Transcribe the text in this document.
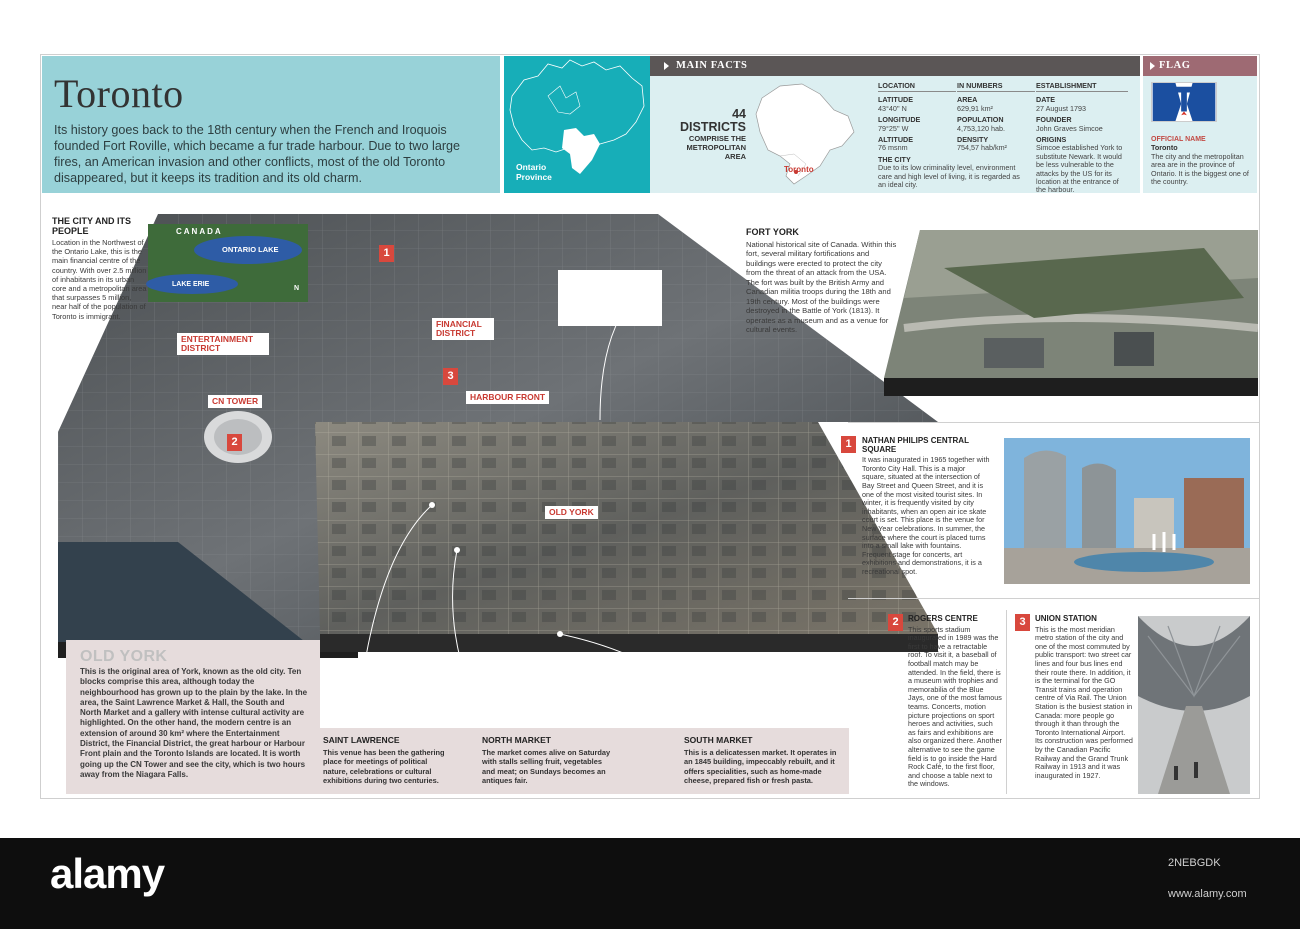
Toronto
Its history goes back to the 18th century when the French and Iroquois founded Fort Roville, which became a fur trade harbour. Due to two large fires, an American invasion and other conflicts, most of the old Toronto disappeared, but it keeps its tradition and its old charm.
Ontario
Province
MAIN FACTS
44 DISTRICTS
COMPRISE THE METROPOLITAN AREA
Toronto
LOCATION
LATITUDE
43°40'' N
LONGITUDE
79°25'' W
ALTITUDE
76 msnm
THE CITY
Due to its low criminality level, environment care and high level of living, it is regarded as an ideal city.
IN NUMBERS
AREA
629,91 km²
POPULATION
4,753,120 hab.
DENSITY
754,57 hab/km²
ESTABLISHMENT
DATE
27 August 1793
FOUNDER
John Graves Simcoe
ORIGINS
Simcoe established York to substitute Newark. It would be less vulnerable to the attacks by the US for its location at the entrance of the harbour.
FLAG
OFFICIAL NAME
Toronto
The city and the metropolitan area are in the province of Ontario. It is the biggest one of the country.
CANADA
ONTARIO LAKE
LAKE ERIE
N
THE CITY AND ITS PEOPLE
Location in the Northwest of the Ontario Lake, this is the main financial centre of the country. With over 2.5 million of inhabitants in its urban core and a metropolitan area that surpasses 5 million, near half of the population of Toronto is immigrant.
ENTERTAINMENT DISTRICT
FINANCIAL DISTRICT
CN TOWER	HARBOUR FRONT
OLD YORK
1
2
3
OLD YORK
This is the original area of York, known as the old city. Ten blocks comprise this area, although today the neighbourhood has grown up to the plain by the lake. In the area, the Saint Lawrence Market & Hall, the South and North Market and a gallery with intense cultural activity are highlighted. On the other hand, the modern centre is an extension of around 30 km² where the Entertainment District, the Financial District, the great harbour or Harbour Front plain and the Toronto Islands are located. It is worth going up the CN Tower and see the city, which is two hours away from the Niagara Falls.
SAINT LAWRENCE
This venue has been the gathering place for meetings of political nature, celebrations or cultural exhibitions during two centuries.
NORTH MARKET
The market comes alive on Saturday with stalls selling fruit, vegetables and meat; on Sundays becomes an antiques fair.
SOUTH MARKET
This is a delicatessen market. It operates in an 1845 building, impeccably rebuilt, and it offers specialities, such as home-made cheese, prepared fish or fresh pasta.
FORT YORK
National historical site of Canada. Within this fort, several military fortifications and buildings were erected to protect the city from the threat of an attack from the USA. The fort was built by the British Army and Canadian militia troops during the 18th and 19th century. Most of the buildings were destroyed in the Battle of York (1813). It operates as a museum and as a venue for cultural events.
1	NATHAN PHILIPS CENTRAL SQUARE
It was inaugurated in 1965 together with Toronto City Hall. This is a major square, situated at the intersection of Bay Street and Queen Street, and it is one of the most visited tourist sites. In winter, it is frequently visited by city inhabitants, when an open air ice skate court is set. This place is the venue for New Year celebrations. In summer, the surface where the court is placed turns into a small lake with fountains. Frequent stage for concerts, art exhibitions and demonstrations, it is a recreational spot.
2	ROGERS CENTRE
This sports stadium inaugurated in 1989 was the first to have a retractable roof. To visit it, a baseball of football match may be attended. In the field, there is a museum with trophies and memorabilia of the Blue Jays, one of the most famous teams. Concerts, motion picture projections on sport heroes and activities, such as fairs and exhibitions are also organized there. Another alternative to see the game field is to go inside the Hard Rock Café, to the first floor, and choose a table next to the windows.
3	UNION STATION
This is the most meridian metro station of the city and one of the most commuted by public transport: two street car lines and four bus lines end their route there. In addition, it is the terminal for the GO Transit trains and operation centre of Via Rail. The Union Station is the busiest station in Canada: more people go through it than through the Toronto International Airport. Its construction was performed by the Canadian Pacific Railway and the Grand Trunk Railway in 1913 and it was inaugurated in 1927.
alamy	2NEBGDK
www.alamy.com
